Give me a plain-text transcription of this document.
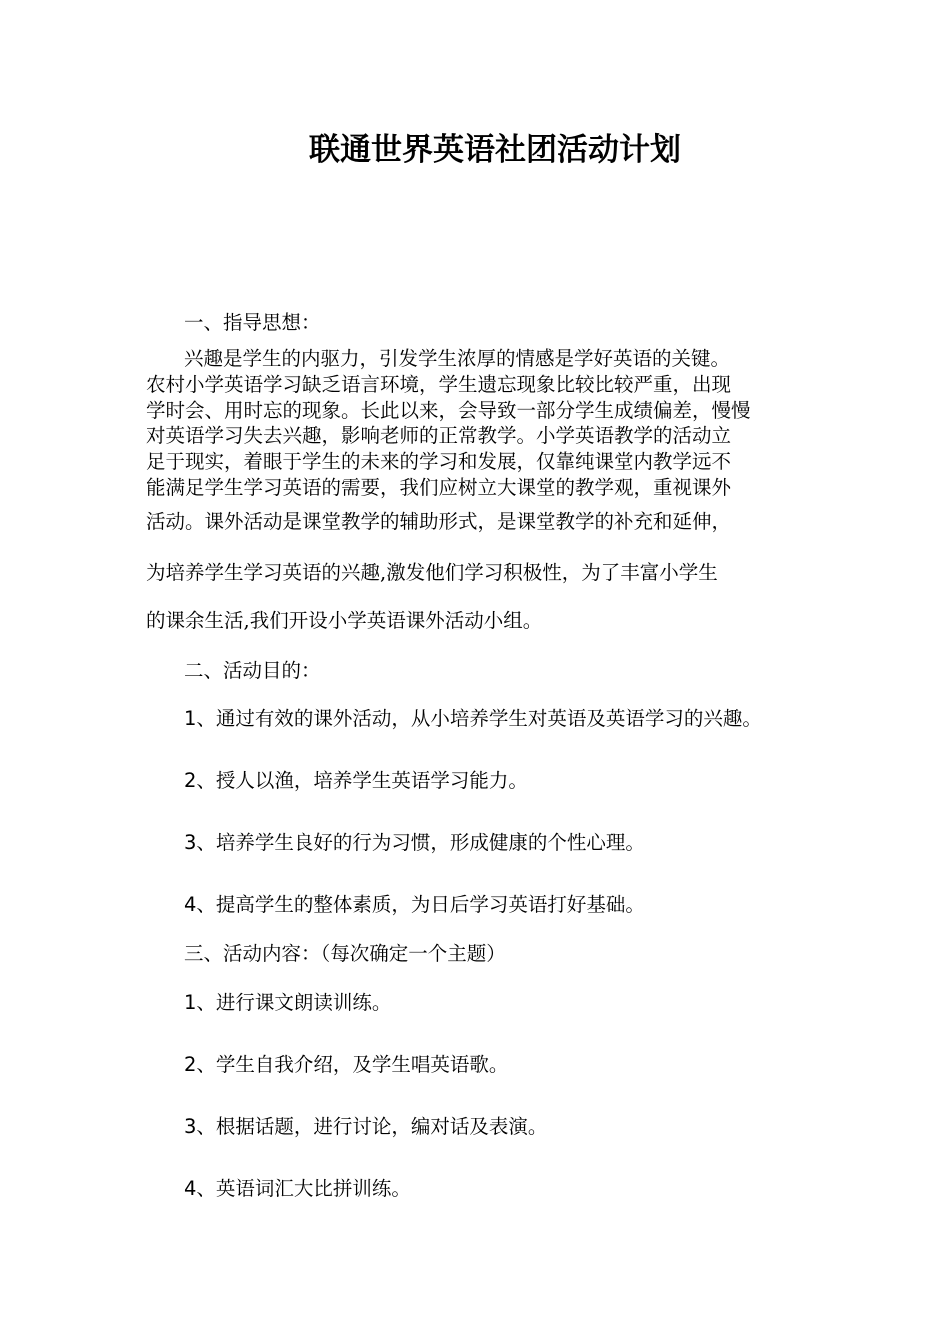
联通世界英语社团活动计划
一、指导思想：
兴趣是学生的内驱力，引发学生浓厚的情感是学好英语的关键。
农村小学英语学习缺乏语言环境，学生遗忘现象比较比较严重，出现
学时会、用时忘的现象。长此以来，会导致一部分学生成绩偏差，慢慢
对英语学习失去兴趣，影响老师的正常教学。小学英语教学的活动立
足于现实，着眼于学生的未来的学习和发展，仅靠纯课堂内教学远不
能满足学生学习英语的需要，我们应树立大课堂的教学观，重视课外
活动。课外活动是课堂教学的辅助形式，是课堂教学的补充和延伸，
为培养学生学习英语的兴趣,激发他们学习积极性，为了丰富小学生
的课余生活,我们开设小学英语课外活动小组。
二、活动目的：
1、通过有效的课外活动，从小培养学生对英语及英语学习的兴趣。
2、授人以渔，培养学生英语学习能力。
3、培养学生良好的行为习惯，形成健康的个性心理。
4、提高学生的整体素质，为日后学习英语打好基础。
三、活动内容：（每次确定一个主题）
1、进行课文朗读训练。
2、学生自我介绍，及学生唱英语歌。
3、根据话题，进行讨论，编对话及表演。
4、英语词汇大比拼训练。
